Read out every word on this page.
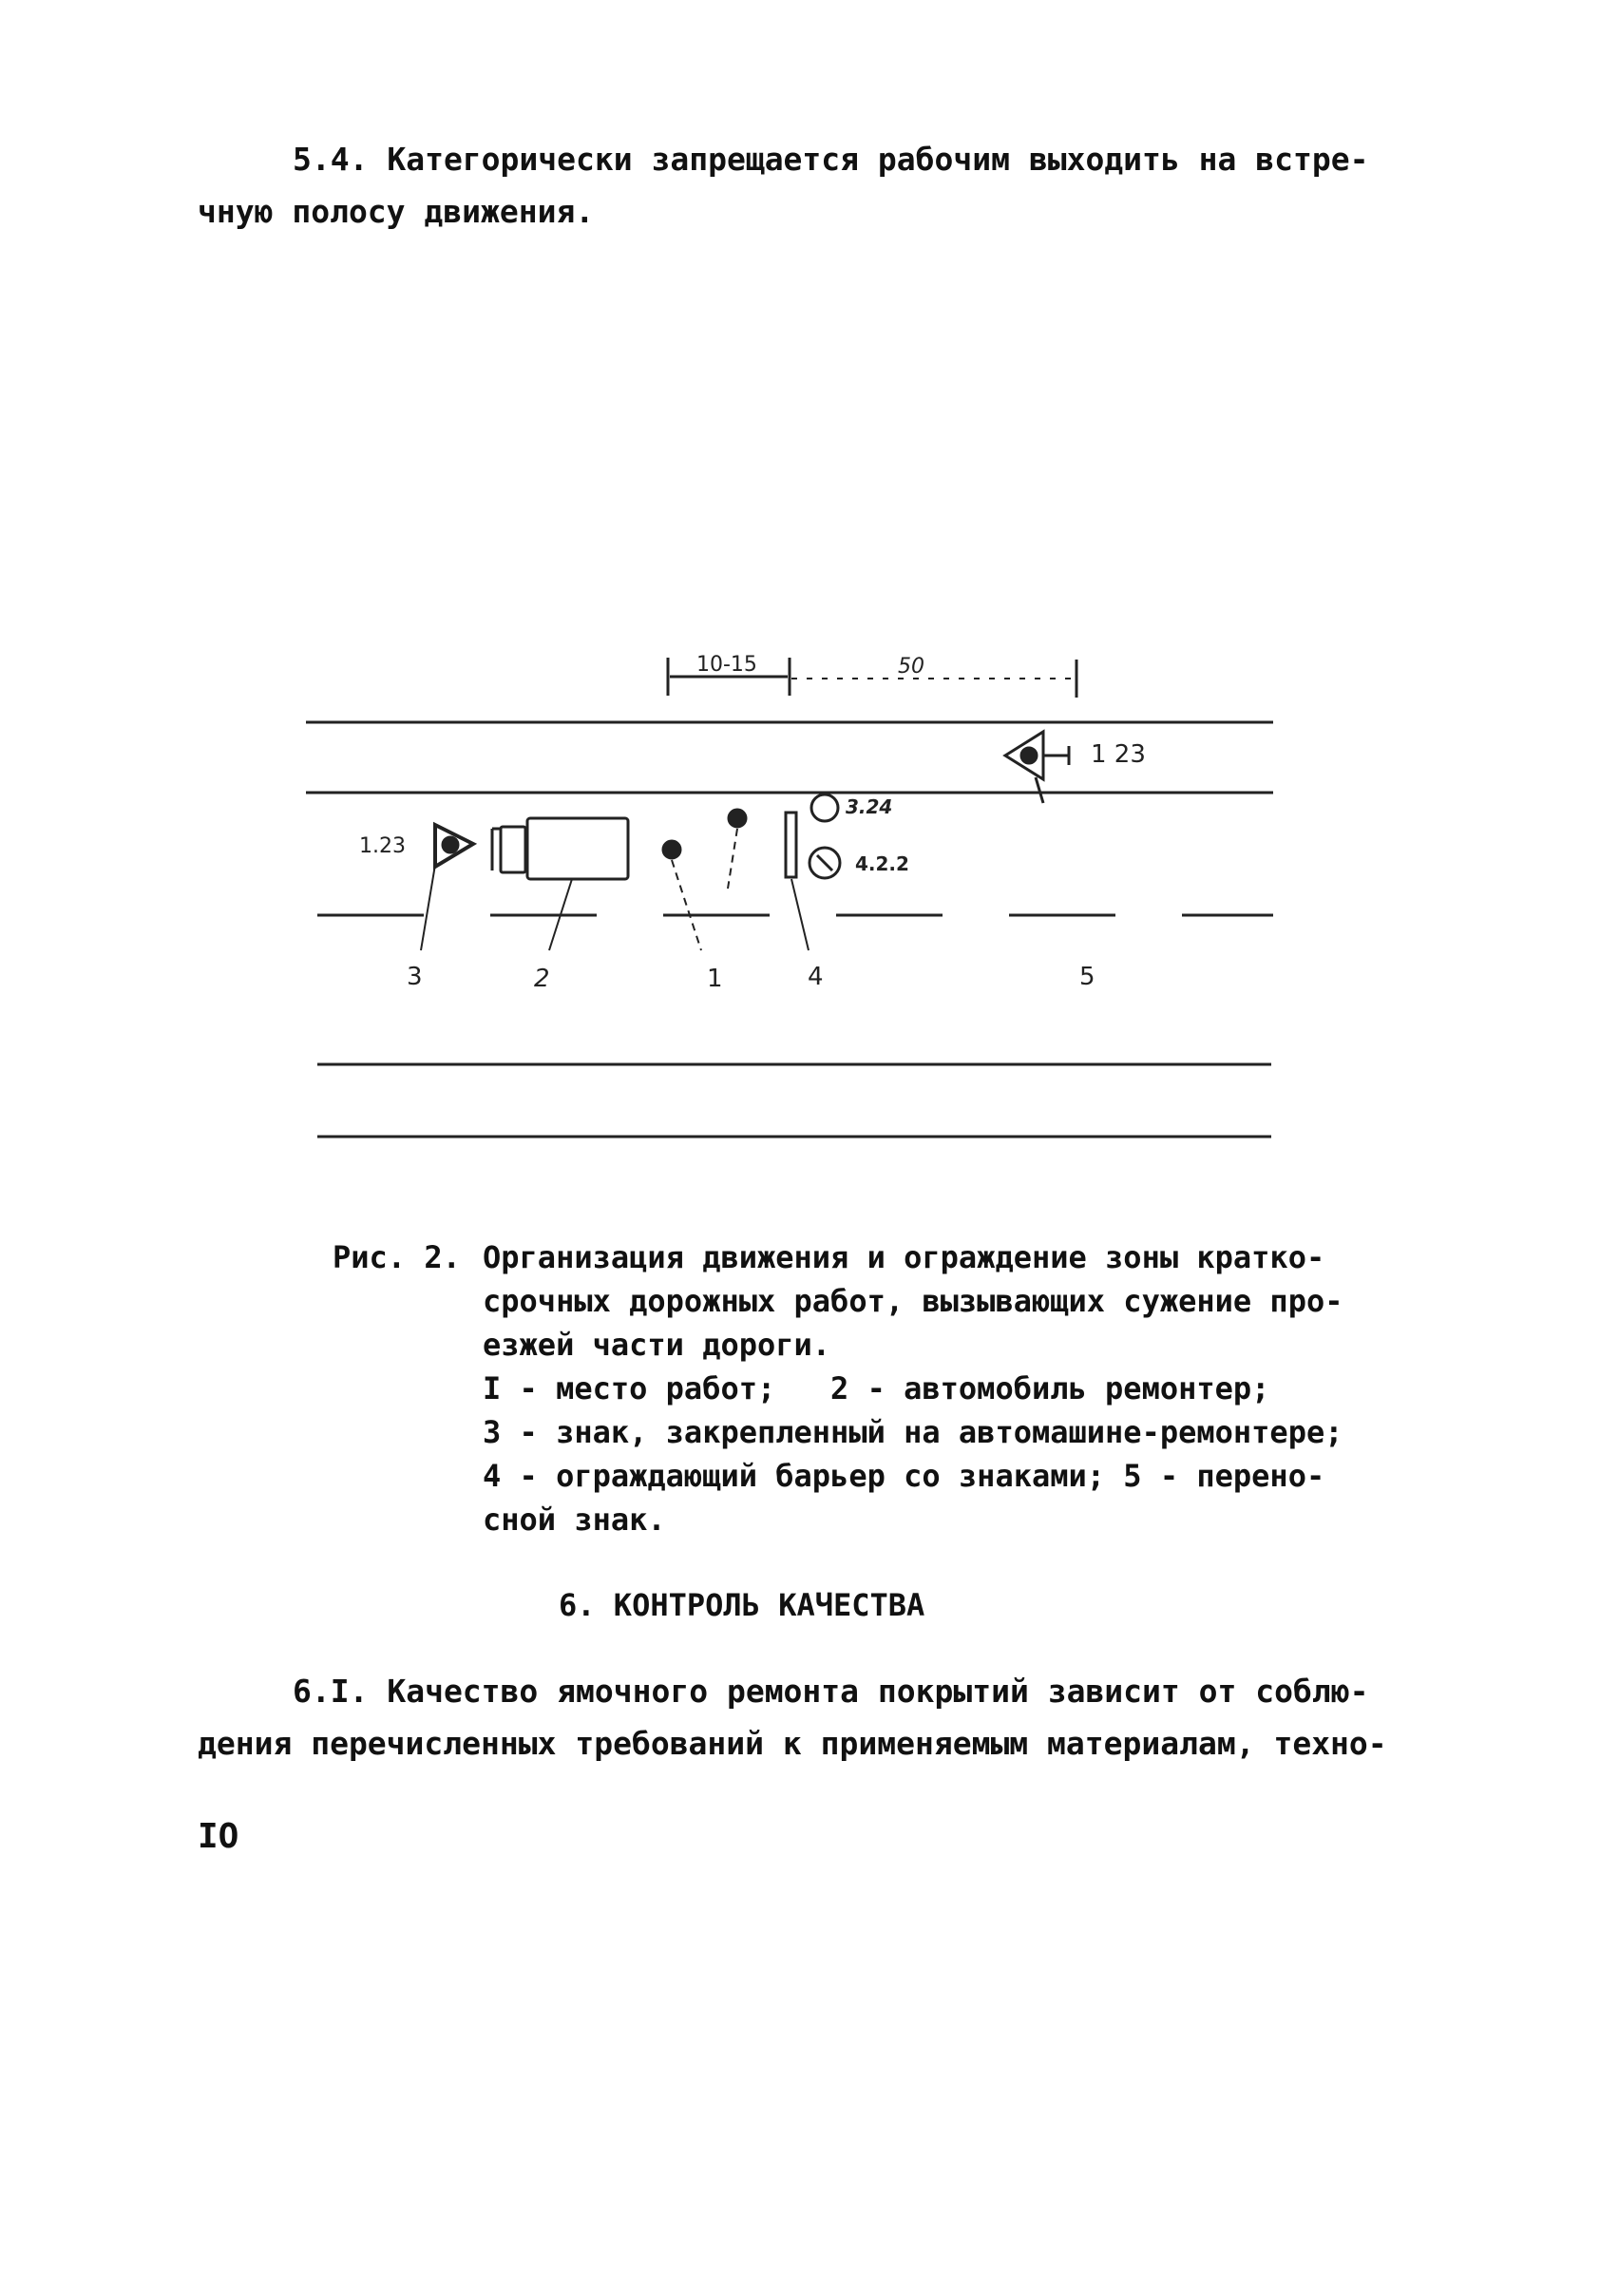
5.4. Категорически запрещается рабочим выходить на встре-
чную полосу движения.
10-15	50
1 23
1.23
3.24
4.2.2
3	2	1	4	5
Рис. 2. Организация движения и ограждение зоны кратко-
срочных дорожных работ, вызывающих сужение про-
езжей части дороги.
I - место работ; 2 - автомобиль ремонтер;
3 - знак, закрепленный на автомашине-ремонтере;
4 - ограждающий барьер со знаками; 5 - перено-
сной знак.
6. КОНТРОЛЬ КАЧЕСТВА
6.I. Качество ямочного ремонта покрытий зависит от соблю-
дения перечисленных требований к применяемым материалам, техно-
IO
